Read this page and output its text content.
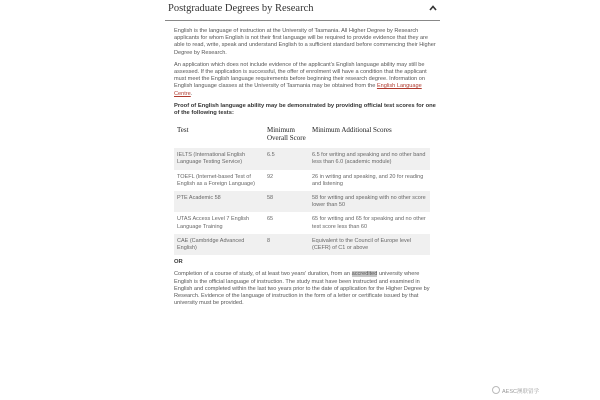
Postgraduate Degrees by Research

English is the language of instruction at the University of Tasmania. All Higher Degree by Research applicants for whom English is not their first language will be required to provide evidence that they are able to read, write, speak and understand English to a sufficient standard before commencing their Higher Degree by Research.

An application which does not include evidence of the applicant's English language ability may still be assessed. If the application is successful, the offer of enrolment will have a condition that the applicant must meet the English language requirements before beginning their research degree. Information on English language classes at the University of Tasmania may be obtained from the English Language Centre.

Proof of English language ability may be demonstrated by providing official test scores for one of the following tests:

Test	Minimum Overall Score	Minimum Additional Scores
IELTS (International English Language Testing Service)	6.5	6.5 for writing and speaking and no other band less than 6.0 (academic module)
TOEFL (Internet-based Test of English as a Foreign Language)	92	26 in writing and speaking, and 20 for reading and listening
PTE Academic 58	58	58 for writing and speaking with no other score lower than 50
UTAS Access Level 7 English Language Training	65	65 for writing and 65 for speaking and no other test score less than 60
CAE (Cambridge Advanced English)	8	Equivalent to the Council of Europe level (CEFR) of C1 or above

OR

Completion of a course of study, of at least two years' duration, from an accredited university where English is the official language of instruction. The study must have been instructed and examined in English and completed within the last two years prior to the date of application for the Higher Degree by Research. Evidence of the language of instruction in the form of a letter or certificate issued by that university must be provided.

AESC澳联留学
